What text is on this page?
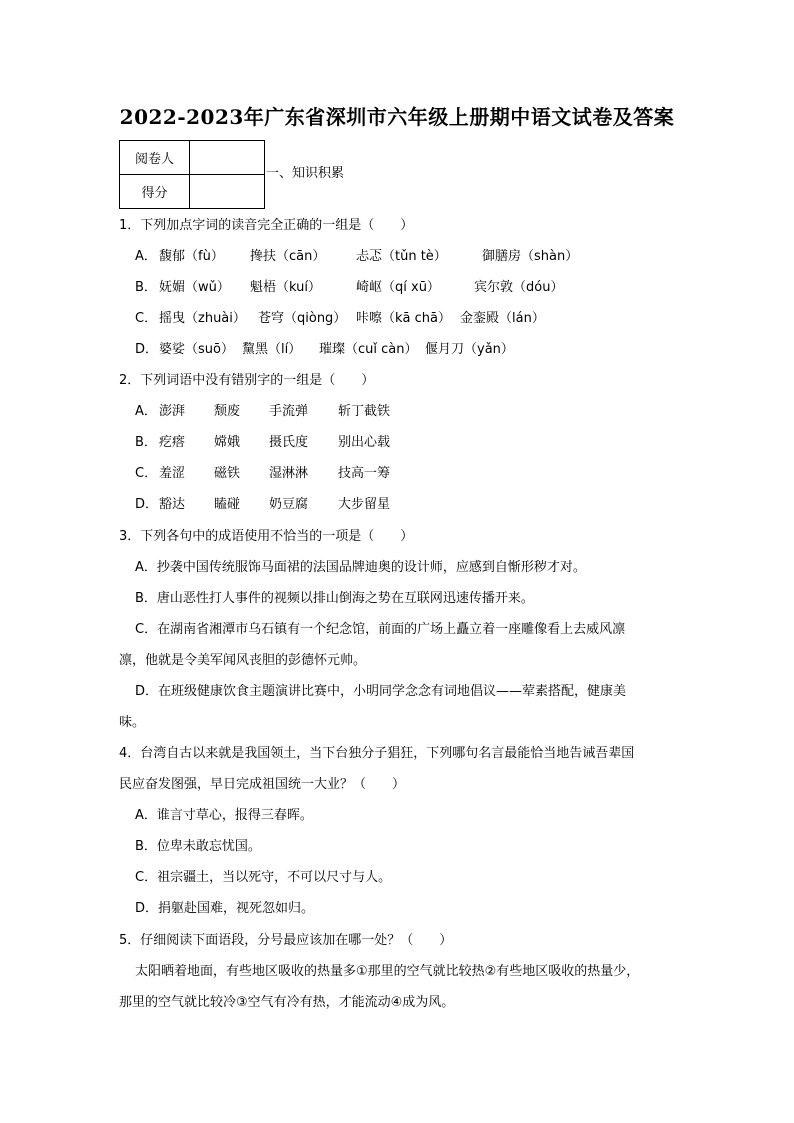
2022-2023年广东省深圳市六年级上册期中语文试卷及答案
阅卷人	
得分	
一、知识积累
1．下列加点字词的读音完全正确的一组是（　　）
A． 馥郁（fù） 搀扶（cān） 忐忑（tǔn tè）	御膳房（shàn）
B． 妩媚（wǔ） 魁梧（kuí）	崎岖（qí xū）	宾尔敦（dóu）
C． 摇曳（zhuài） 苍穹（qiòng） 咔嚓（kā chā） 金銮殿（lán）
D．婆娑（suō） 黧黑（lí） 璀璨（cuǐ càn） 偃月刀（yǎn）
2．下列词语中没有错别字的一组是（　　）
A． 澎湃 颓废 手流弹 斩丁截铁
B． 疙瘩 嫦娥 摄氏度 别出心载
C． 羞涩 磁铁 湿淋淋 技高一筹
D．豁达 瞌碰 奶豆腐 大步留星
3．下列各句中的成语使用不恰当的一项是（　　）
A．抄袭中国传统服饰马面裙的法国品牌迪奥的设计师，应感到自惭形秽才对。
B．唐山恶性打人事件的视频以排山倒海之势在互联网迅速传播开来。
C．在湖南省湘潭市乌石镇有一个纪念馆，前面的广场上矗立着一座雕像看上去威风凛
凛，他就是令美军闻风丧胆的彭德怀元帅。
D．在班级健康饮食主题演讲比赛中，小明同学念念有词地倡议——荤素搭配，健康美
味。
4．台湾自古以来就是我国领土，当下台独分子猖狂，下列哪句名言最能恰当地告诫吾辈国
民应奋发图强，早日完成祖国统一大业？（　　）
A．谁言寸草心，报得三春晖。
B．位卑未敢忘忧国。
C．祖宗疆土，当以死守，不可以尺寸与人。
D．捐躯赴国难，视死忽如归。
5．仔细阅读下面语段，分号最应该加在哪一处？（　　）
太阳晒着地面，有些地区吸收的热量多①那里的空气就比较热②有些地区吸收的热量少，
那里的空气就比较冷③空气有冷有热，才能流动④成为风。
